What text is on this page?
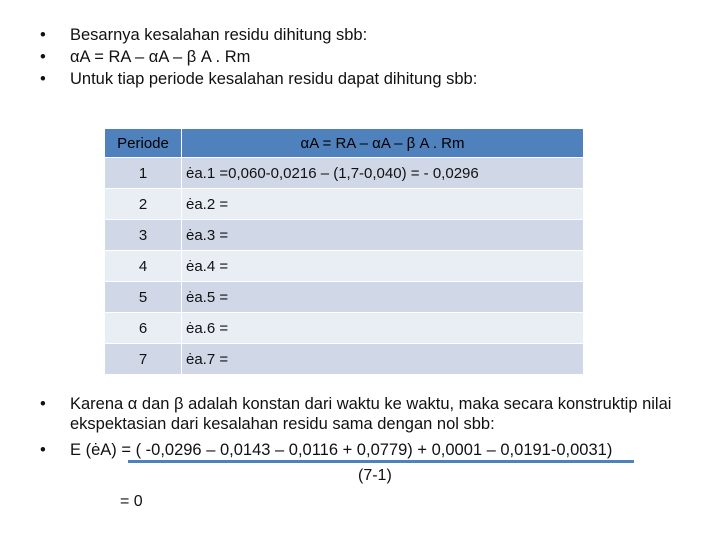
•	Besarnya kesalahan residu dihitung sbb:
•	αA = RA – αA – β A . Rm
•	Untuk tiap periode kesalahan residu dapat dihitung sbb:
Periode	αA = RA – αA – β A . Rm
1	ėa.1 =0,060-0,0216 – (1,7-0,040) = - 0,0296
2	ėa.2 =
3	ėa.3 =
4	ėa.4 =
5	ėa.5 =
6	ėa.6 =
7	ėa.7 =
•	Karena α dan β adalah konstan dari waktu ke waktu, maka secara konstruktip nilai ekspektasian dari kesalahan residu sama dengan nol sbb:
•	E (ėA) = ( -0,0296 – 0,0143 – 0,0116 + 0,0779) + 0,0001 – 0,0191-0,0031)
(7-1)
= 0
